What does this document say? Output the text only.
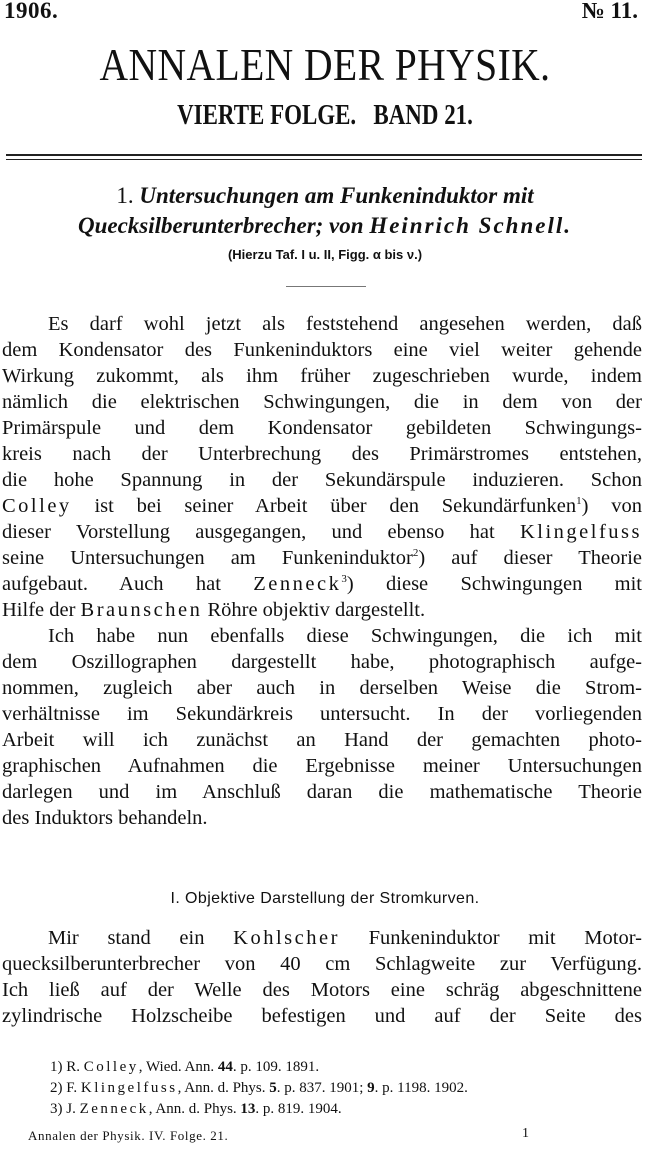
1906.	№ 11.
ANNALEN DER PHYSIK.
VIERTE FOLGE.   BAND 21.
1. Untersuchungen am Funkeninduktor mit
Quecksilberunterbrecher; von Heinrich Schnell.
(Hierzu Taf. I u. II, Figg. α bis ν.)
Es darf wohl jetzt als feststehend angesehen werden, daß
dem Kondensator des Funkeninduktors eine viel weiter gehende
Wirkung zukommt, als ihm früher zugeschrieben wurde, indem
nämlich die elektrischen Schwingungen, die in dem von der
Primärspule und dem Kondensator gebildeten Schwingungs-
kreis nach der Unterbrechung des Primärstromes entstehen,
die hohe Spannung in der Sekundärspule induzieren. Schon
Colley ist bei seiner Arbeit über den Sekundärfunken$^1$) von
dieser Vorstellung ausgegangen, und ebenso hat Klingelfuss
seine Untersuchungen am Funkeninduktor$^2$) auf dieser Theorie
aufgebaut. Auch hat Zenneck$^3$) diese Schwingungen mit
Hilfe der Braunschen Röhre objektiv dargestellt.
Ich habe nun ebenfalls diese Schwingungen, die ich mit
dem Oszillographen dargestellt habe, photographisch aufge-
nommen, zugleich aber auch in derselben Weise die Strom-
verhältnisse im Sekundärkreis untersucht. In der vorliegenden
Arbeit will ich zunächst an Hand der gemachten photo-
graphischen Aufnahmen die Ergebnisse meiner Untersuchungen
darlegen und im Anschluß daran die mathematische Theorie
des Induktors behandeln.
I. Objektive Darstellung der Stromkurven.
Mir stand ein Kohlscher Funkeninduktor mit Motor-
quecksilberunterbrecher von 40 cm Schlagweite zur Verfügung.
Ich ließ auf der Welle des Motors eine schräg abgeschnittene
zylindrische Holzscheibe befestigen und auf der Seite des
1) R. Colley, Wied. Ann. 44. p. 109. 1891.
2) F. Klingelfuss, Ann. d. Phys. 5. p. 837. 1901; 9. p. 1198. 1902.
3) J. Zenneck, Ann. d. Phys. 13. p. 819. 1904.
Annalen der Physik. IV. Folge. 21.	1
